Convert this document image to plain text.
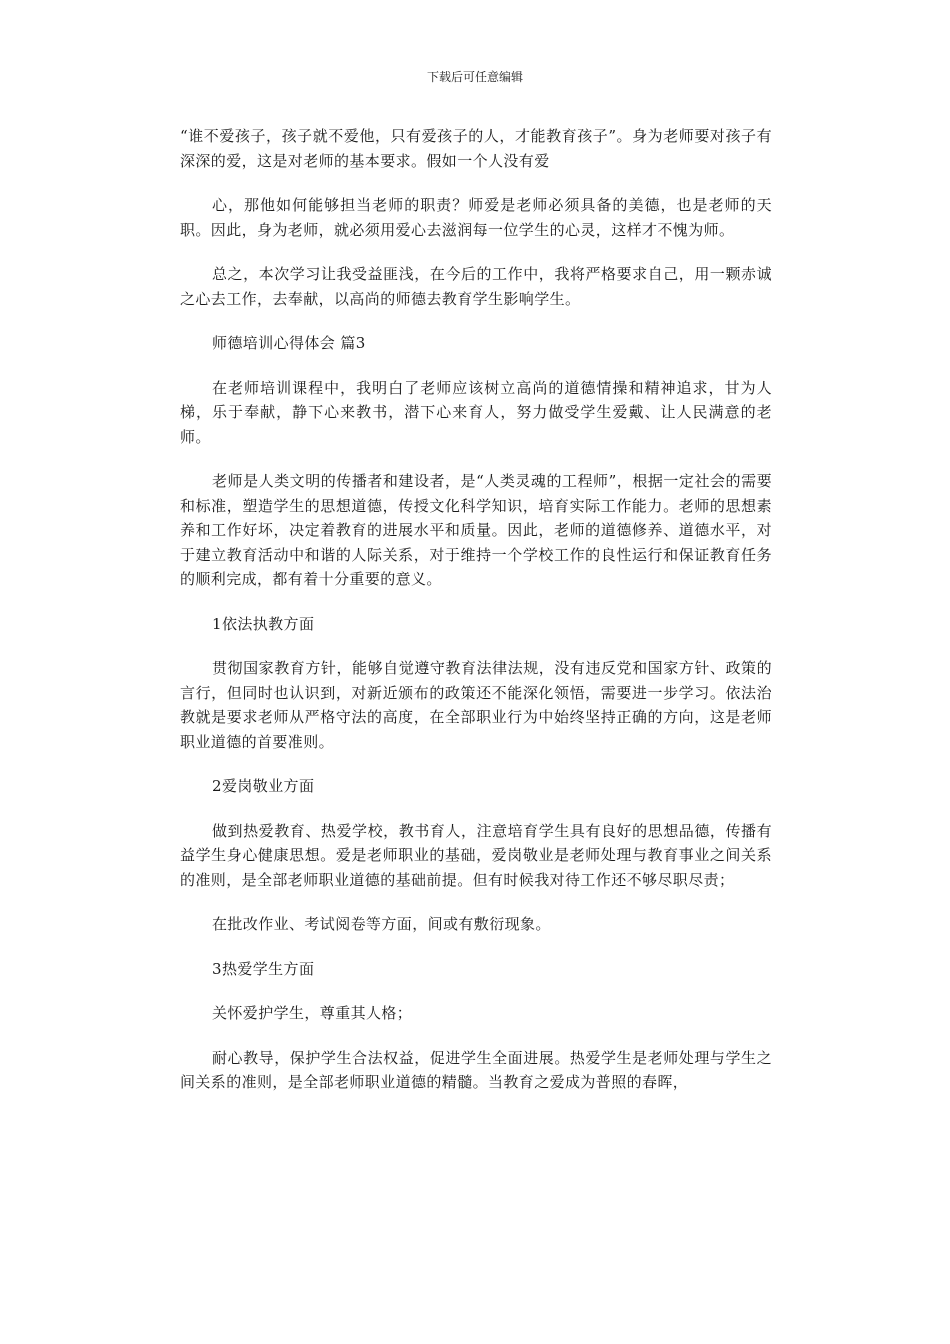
下载后可任意编辑

“谁不爱孩子，孩子就不爱他，只有爱孩子的人，才能教育孩子”。身为老师要对孩子有深深的爱，这是对老师的基本要求。假如一个人没有爱

心，那他如何能够担当老师的职责？师爱是老师必须具备的美德，也是老师的天职。因此，身为老师，就必须用爱心去滋润每一位学生的心灵，这样才不愧为师。

总之，本次学习让我受益匪浅，在今后的工作中，我将严格要求自己，用一颗赤诚之心去工作，去奉献，以高尚的师德去教育学生影响学生。

师德培训心得体会 篇3

在老师培训课程中，我明白了老师应该树立高尚的道德情操和精神追求，甘为人梯，乐于奉献，静下心来教书，潜下心来育人，努力做受学生爱戴、让人民满意的老师。

老师是人类文明的传播者和建设者，是“人类灵魂的工程师”，根据一定社会的需要和标准，塑造学生的思想道德，传授文化科学知识，培育实际工作能力。老师的思想素养和工作好坏，决定着教育的进展水平和质量。因此，老师的道德修养、道德水平，对于建立教育活动中和谐的人际关系，对于维持一个学校工作的良性运行和保证教育任务的顺利完成，都有着十分重要的意义。

1依法执教方面

贯彻国家教育方针，能够自觉遵守教育法律法规，没有违反党和国家方针、政策的言行，但同时也认识到，对新近颁布的政策还不能深化领悟，需要进一步学习。依法治教就是要求老师从严格守法的高度，在全部职业行为中始终坚持正确的方向，这是老师职业道德的首要准则。

2爱岗敬业方面

做到热爱教育、热爱学校，教书育人，注意培育学生具有良好的思想品德，传播有益学生身心健康思想。爱是老师职业的基础，爱岗敬业是老师处理与教育事业之间关系的准则，是全部老师职业道德的基础前提。但有时候我对待工作还不够尽职尽责；

在批改作业、考试阅卷等方面，间或有敷衍现象。

3热爱学生方面

关怀爱护学生，尊重其人格；

耐心教导，保护学生合法权益，促进学生全面进展。热爱学生是老师处理与学生之间关系的准则，是全部老师职业道德的精髓。当教育之爱成为普照的春晖，
